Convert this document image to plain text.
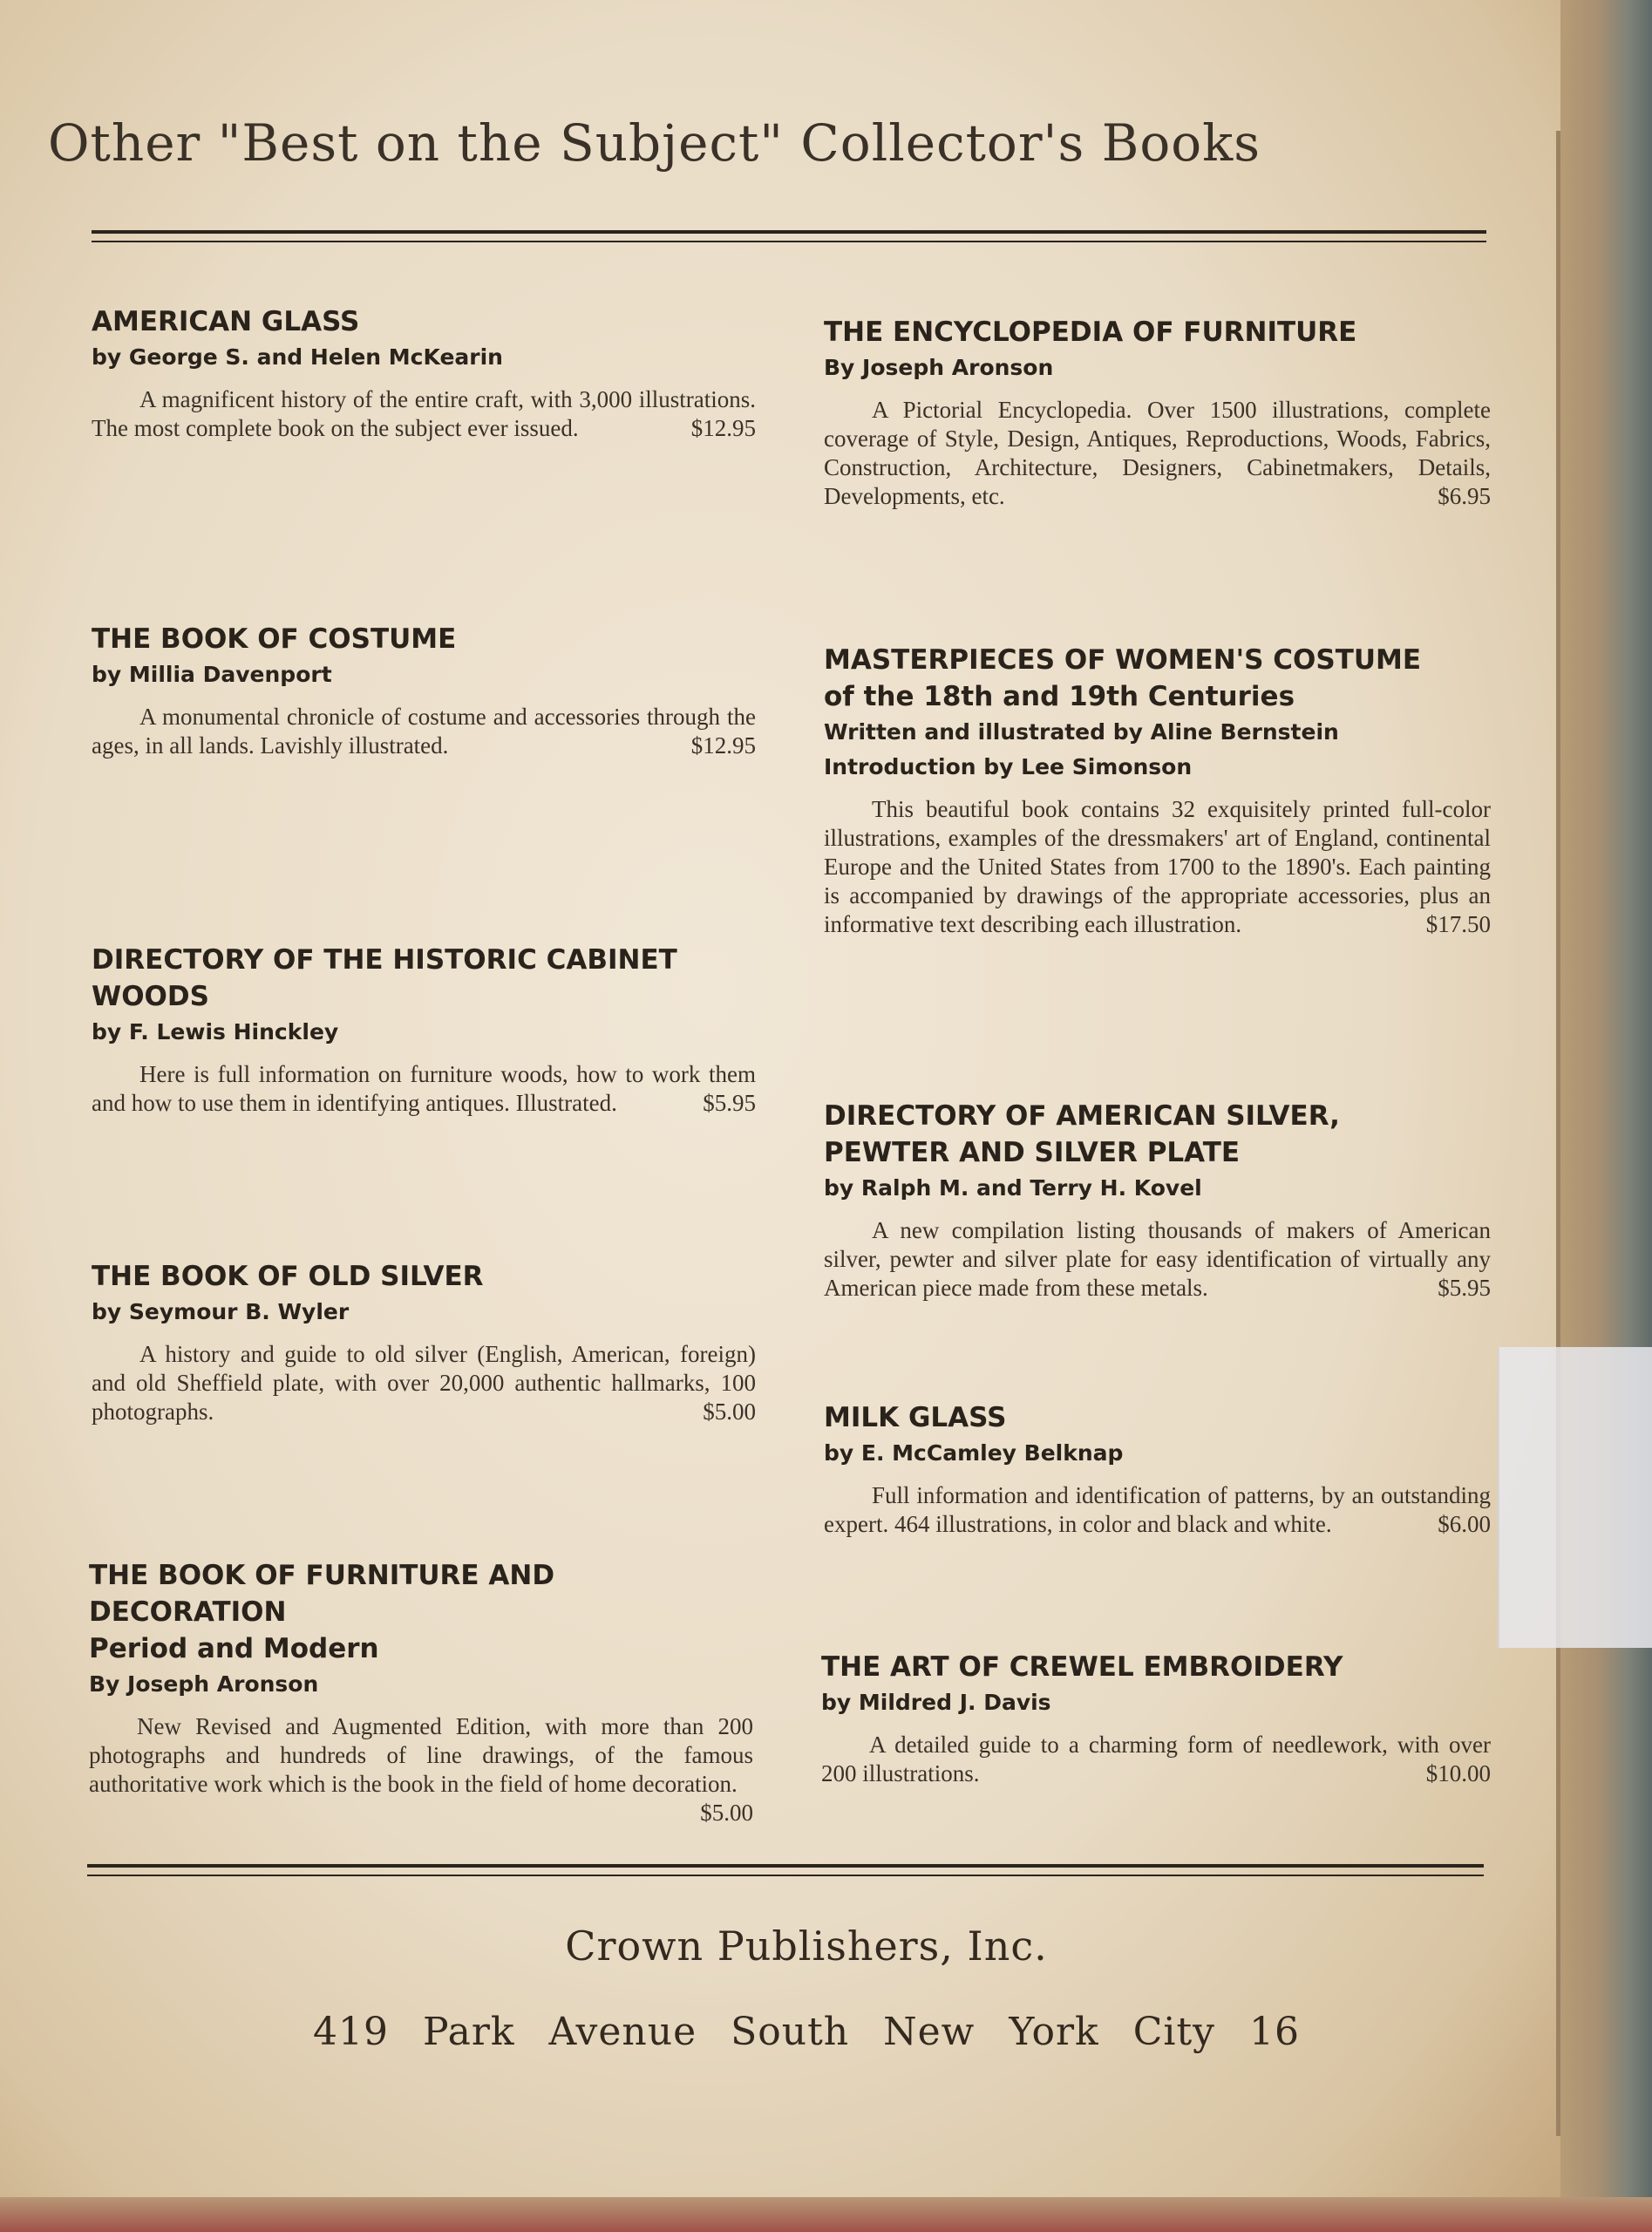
Other "Best on the Subject" Collector's Books
AMERICAN GLASS
by George S. and Helen McKearin
A magnificent history of the entire craft, with 3,000 illustrations. The most complete book on the subject ever issued.	$12.95
THE BOOK OF COSTUME
by Millia Davenport
A monumental chronicle of costume and accessories through the ages, in all lands. Lavishly illustrated.	$12.95
DIRECTORY OF THE HISTORIC CABINET WOODS
by F. Lewis Hinckley
Here is full information on furniture woods, how to work them and how to use them in identifying antiques. Illustrated.	$5.95
THE BOOK OF OLD SILVER
by Seymour B. Wyler
A history and guide to old silver (English, American, foreign) and old Sheffield plate, with over 20,000 authentic hallmarks, 100 photographs.	$5.00
THE BOOK OF FURNITURE AND DECORATION
Period and Modern
By Joseph Aronson
New Revised and Augmented Edition, with more than 200 photographs and hundreds of line drawings, of the famous authoritative work which is the book in the field of home decoration.
$5.00
THE ENCYCLOPEDIA OF FURNITURE
By Joseph Aronson
A Pictorial Encyclopedia. Over 1500 illustrations, complete coverage of Style, Design, Antiques, Reproductions, Woods, Fabrics, Construction, Architecture, Designers, Cabinetmakers, Details, Developments, etc.	$6.95
MASTERPIECES OF WOMEN'S COSTUME
of the 18th and 19th Centuries
Written and illustrated by Aline Bernstein
Introduction by Lee Simonson
This beautiful book contains 32 exquisitely printed full-color illustrations, examples of the dressmakers' art of England, continental Europe and the United States from 1700 to the 1890's. Each painting is accompanied by drawings of the appropriate accessories, plus an informative text describing each illustration.	$17.50
DIRECTORY OF AMERICAN SILVER,
PEWTER AND SILVER PLATE
by Ralph M. and Terry H. Kovel
A new compilation listing thousands of makers of American silver, pewter and silver plate for easy identification of virtually any American piece made from these metals.	$5.95
MILK GLASS
by E. McCamley Belknap
Full information and identification of patterns, by an outstanding expert. 464 illustrations, in color and black and white.	$6.00
THE ART OF CREWEL EMBROIDERY
by Mildred J. Davis
A detailed guide to a charming form of needlework, with over 200 illustrations.	$10.00
Crown Publishers, Inc.
419 Park Avenue South New York City 16
